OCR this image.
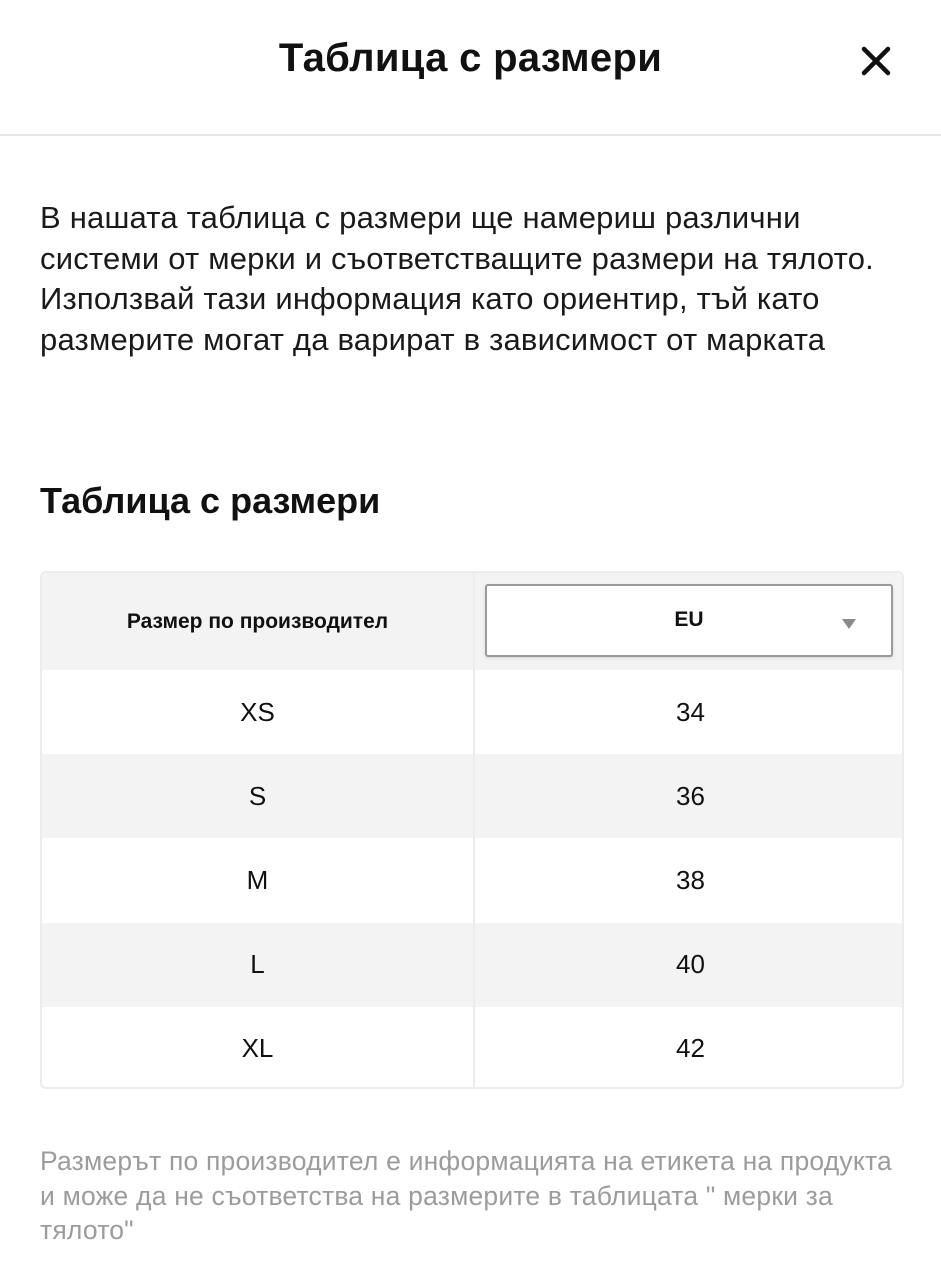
Таблица с размери

В нашата таблица с размери ще намериш различни системи от мерки и съответстващите размери на тялото. Използвай тази информация като ориентир, тъй като размерите могат да варират в зависимост от марката

Таблица с размери
Размер по производител	EU
XS	34
S	36
M	38
L	40
XL	42

Размерът по производител е информацията на етикета на продукта и може да не съответства на размерите в таблицата " мерки за тялото"
